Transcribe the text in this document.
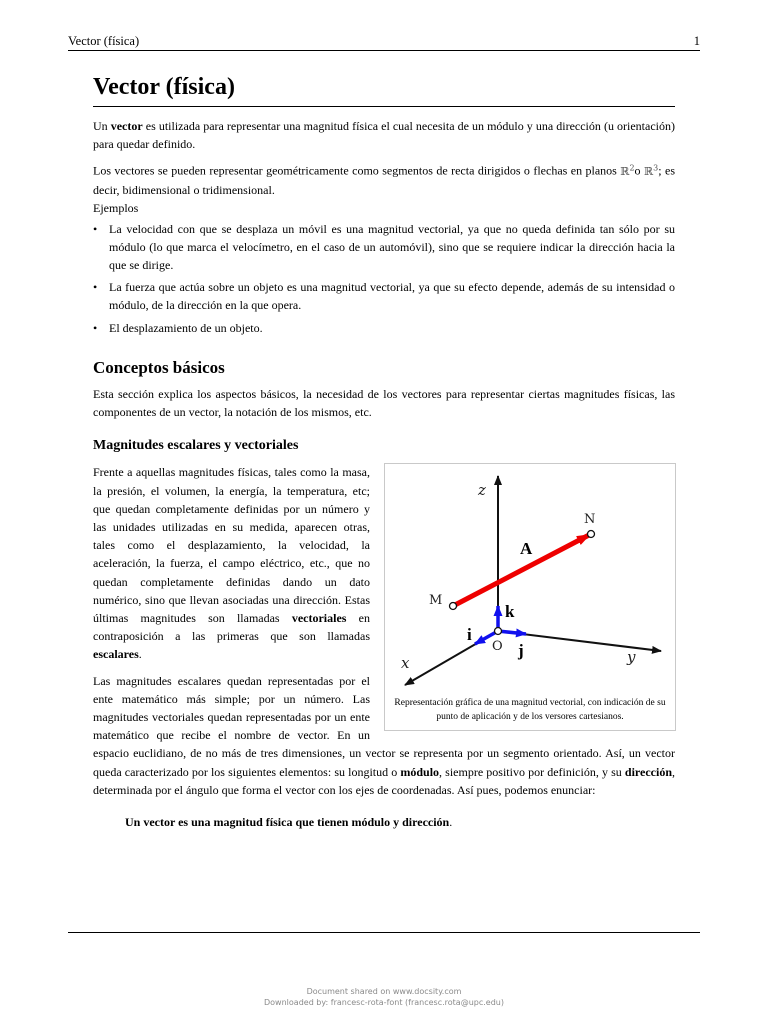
Vector (física)	1
Vector (física)

Un vector es utilizada para representar una magnitud física el cual necesita de un módulo y una dirección (u orientación) para quedar definido.

Los vectores se pueden representar geométricamente como segmentos de recta dirigidos o flechas en planos ℝ$^2$o ℝ$^3$; es decir, bidimensional o tridimensional.

Ejemplos

• La velocidad con que se desplaza un móvil es una magnitud vectorial, ya que no queda definida tan sólo por su módulo (lo que marca el velocímetro, en el caso de un automóvil), sino que se requiere indicar la dirección hacia la que se dirige.
• La fuerza que actúa sobre un objeto es una magnitud vectorial, ya que su efecto depende, además de su intensidad o módulo, de la dirección en la que opera.
• El desplazamiento de un objeto.
Conceptos básicos

Esta sección explica los aspectos básicos, la necesidad de los vectores para representar ciertas magnitudes físicas, las componentes de un vector, la notación de los mismos, etc.

Magnitudes escalares y vectoriales
z
y
x
M
N
O
A
i
j
k
Representación gráfica de una magnitud vectorial, con indicación de su punto de aplicación y de los versores cartesianos.

Frente a aquellas magnitudes físicas, tales como la masa, la presión, el volumen, la energía, la temperatura, etc; que quedan completamente definidas por un número y las unidades utilizadas en su medida, aparecen otras, tales como el desplazamiento, la velocidad, la aceleración, la fuerza, el campo eléctrico, etc., que no quedan completamente definidas dando un dato numérico, sino que llevan asociadas una dirección. Estas últimas magnitudes son llamadas vectoriales en contraposición a las primeras que son llamadas escalares.

Las magnitudes escalares quedan representadas por el ente matemático más simple; por un número. Las magnitudes vectoriales quedan representadas por un ente matemático que recibe el nombre de vector. En un espacio euclidiano, de no más de tres dimensiones, un vector se representa por un segmento orientado. Así, un vector queda caracterizado por los siguientes elementos: su longitud o módulo, siempre positivo por definición, y su dirección, determinada por el ángulo que forma el vector con los ejes de coordenadas. Así pues, podemos enunciar:

Un vector es una magnitud física que tienen módulo y dirección.

Document shared on www.docsity.com
Downloaded by: francesc-rota-font (francesc.rota@upc.edu)
